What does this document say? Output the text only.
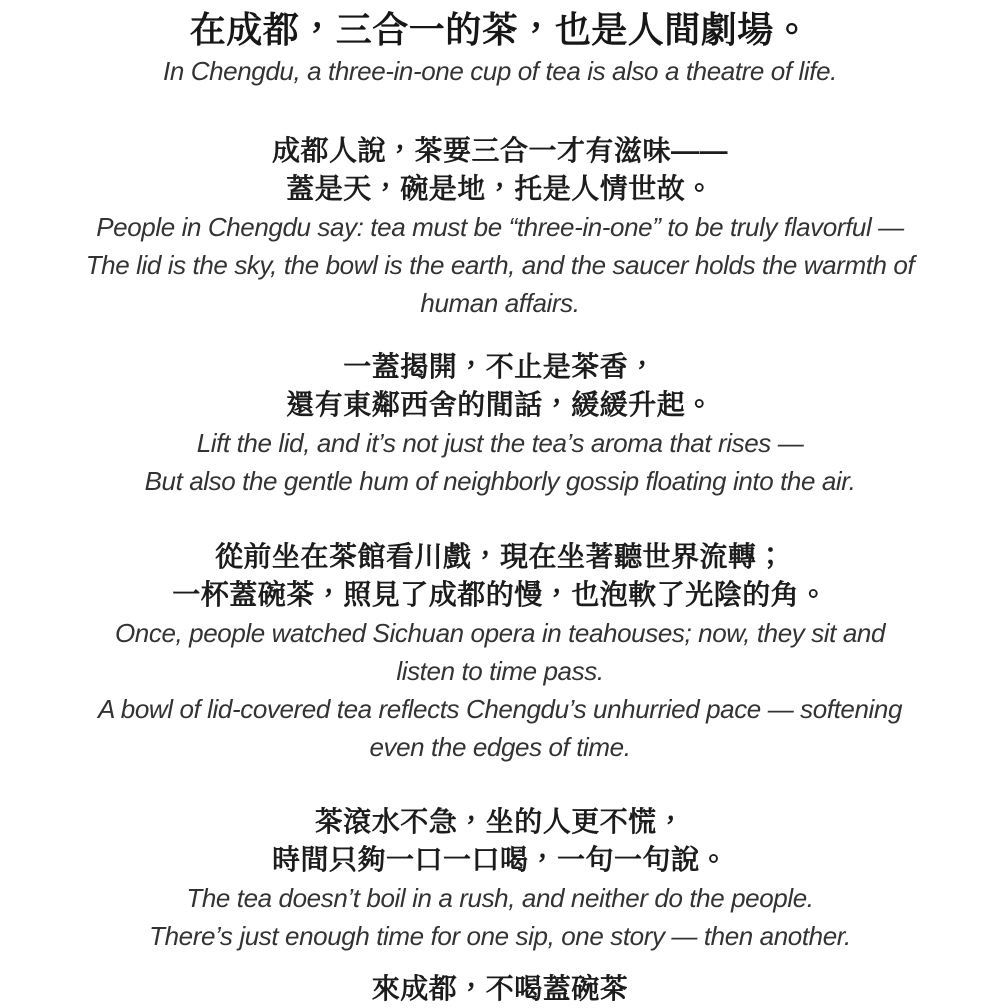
在成都，三合一的茶，也是人間劇場。
In Chengdu, a three-in-one cup of tea is also a theatre of life.
成都人說，茶要三合一才有滋味——
蓋是天，碗是地，托是人情世故。
People in Chengdu say: tea must be “three-in-one” to be truly flavorful —
The lid is the sky, the bowl is the earth, and the saucer holds the warmth of
human affairs.
一蓋揭開，不止是茶香，
還有東鄰西舍的閒話，緩緩升起。
Lift the lid, and it’s not just the tea’s aroma that rises —
But also the gentle hum of neighborly gossip floating into the air.
從前坐在茶館看川戲，現在坐著聽世界流轉；
一杯蓋碗茶，照見了成都的慢，也泡軟了光陰的角。
Once, people watched Sichuan opera in teahouses; now, they sit and
listen to time pass.
A bowl of lid-covered tea reflects Chengdu’s unhurried pace — softening
even the edges of time.
茶滾水不急，坐的人更不慌，
時間只夠一口一口喝，一句一句說。
The tea doesn’t boil in a rush, and neither do the people.
There’s just enough time for one sip, one story — then another.
來成都，不喝蓋碗茶
